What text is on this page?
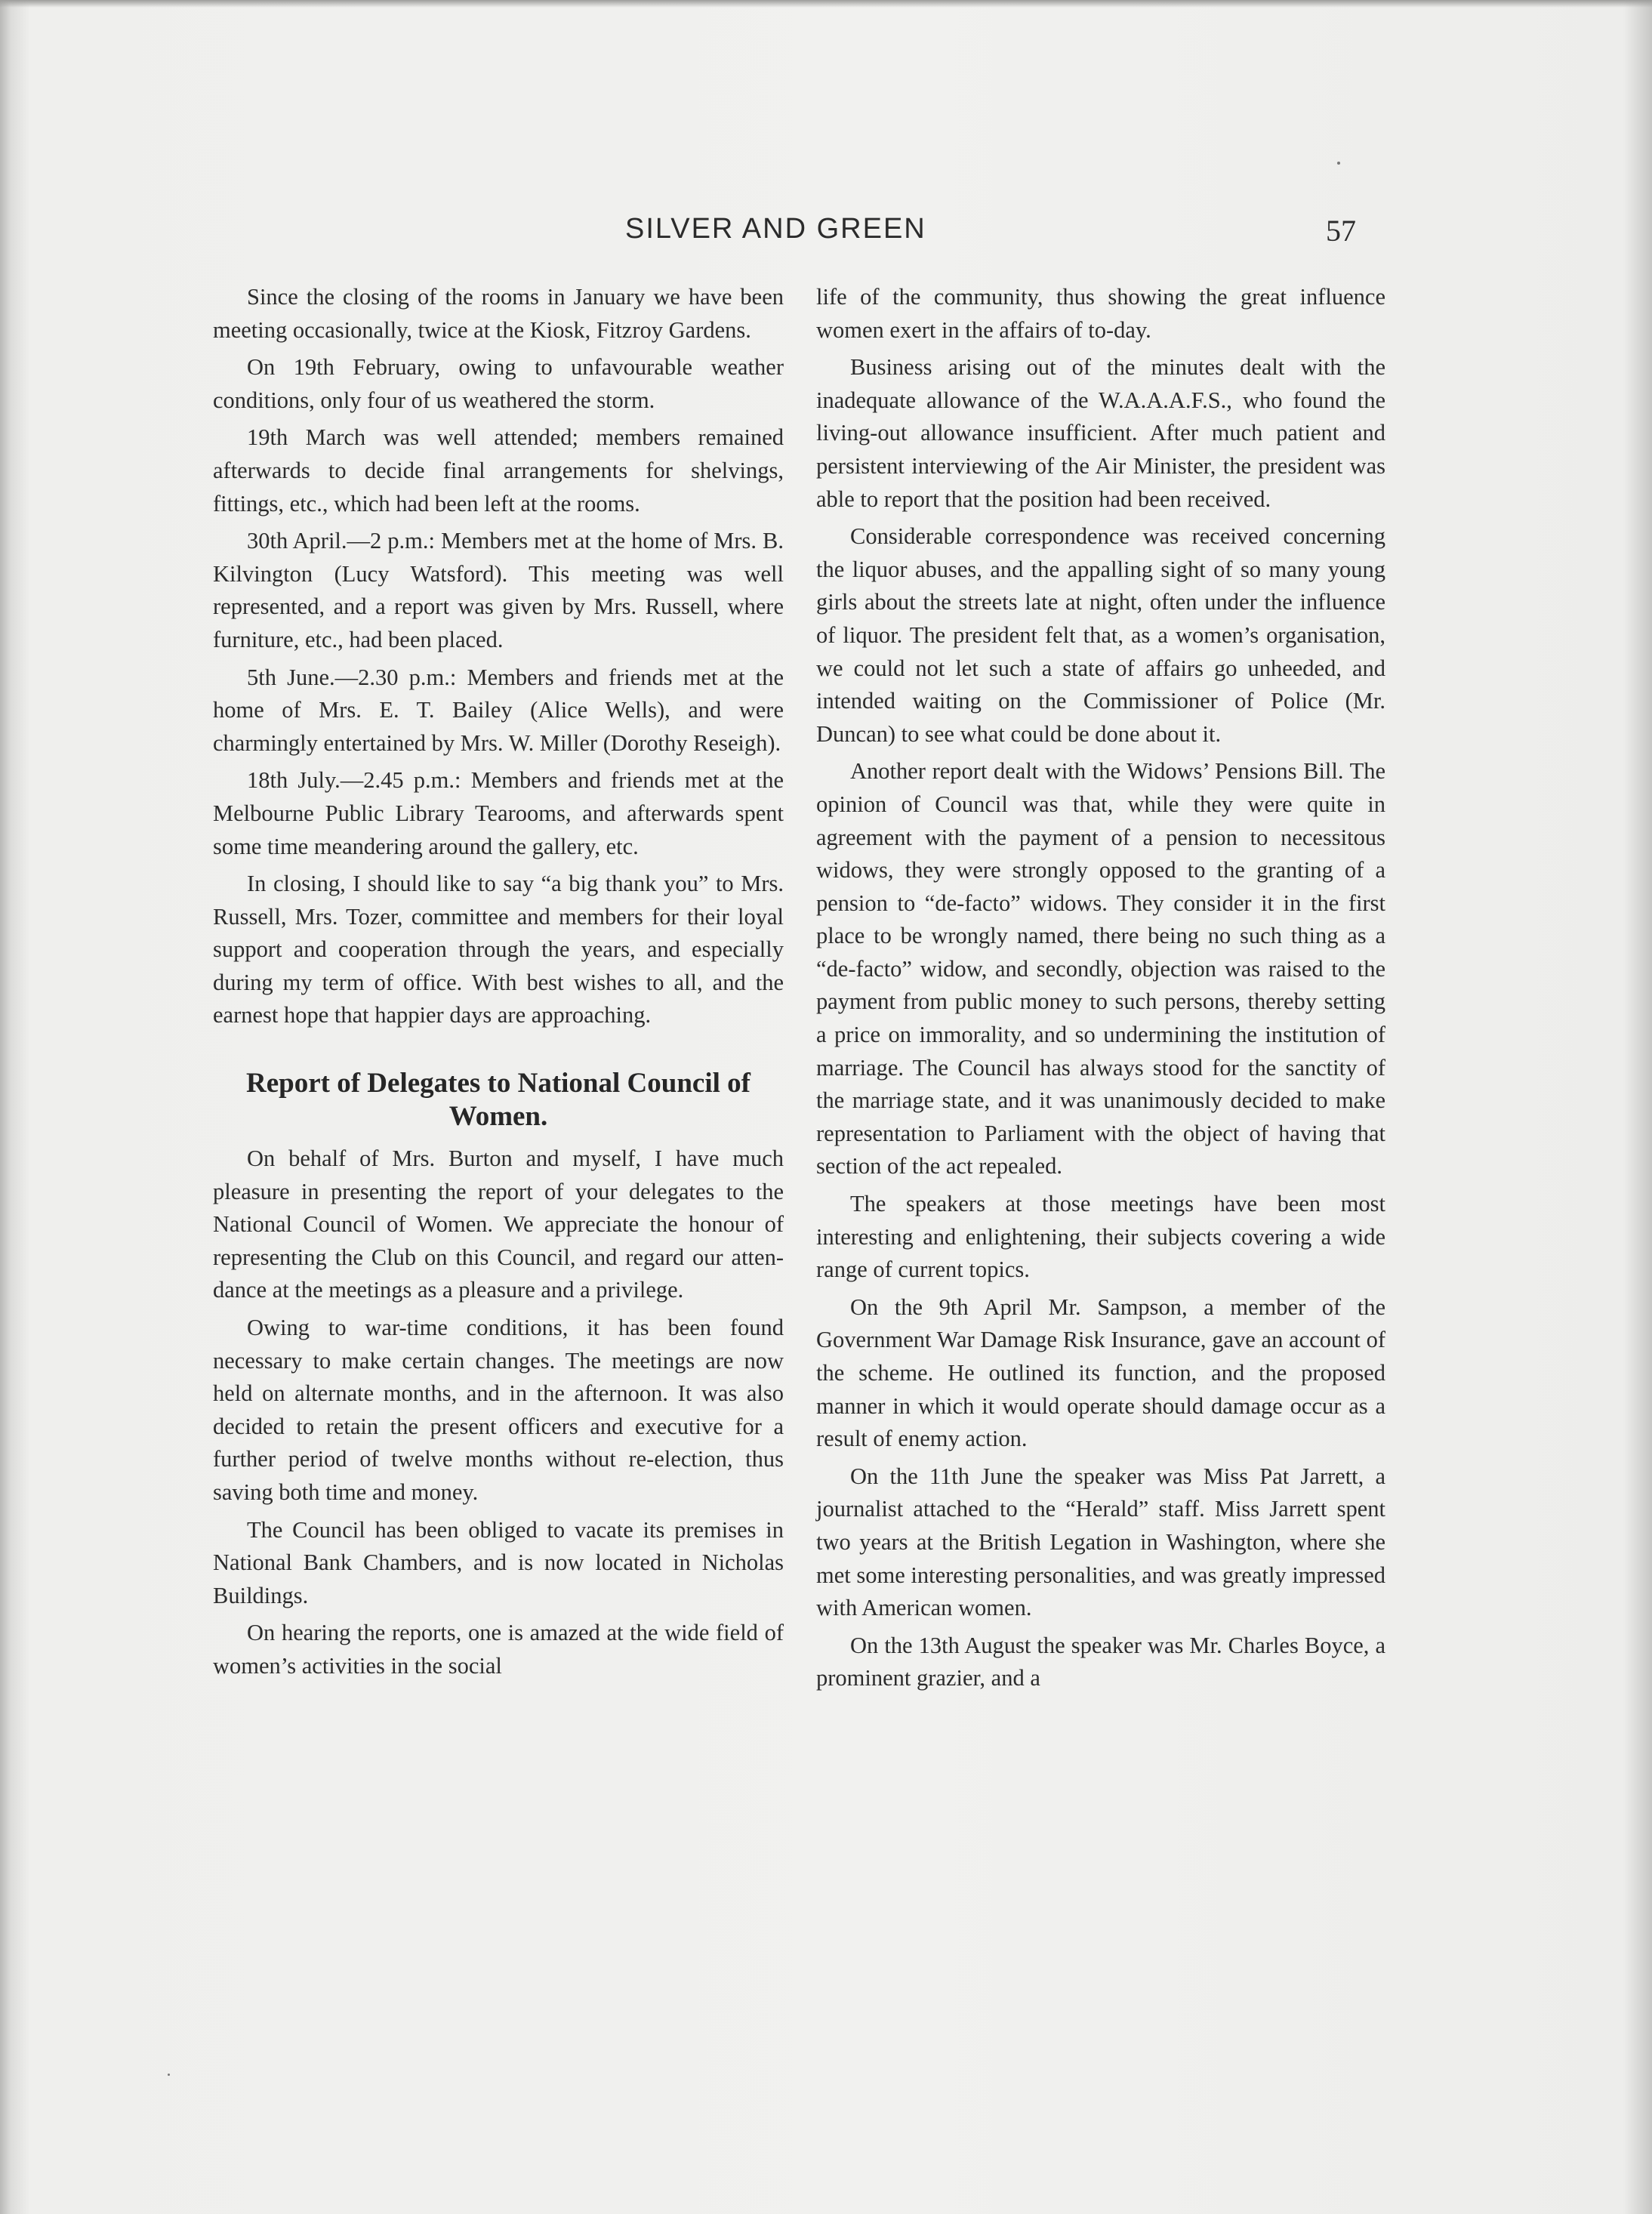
SILVER AND GREEN	57

Since the closing of the rooms in January we have been meeting occasionally, twice at the Kiosk, Fitzroy Gardens.

On 19th February, owing to unfavourable weather conditions, only four of us weathered the storm.

19th March was well attended; members remained afterwards to decide final arrangements for shelvings, fittings, etc., which had been left at the rooms.

30th April.—2 p.m.: Members met at the home of Mrs. B. Kilvington (Lucy Watsford). This meeting was well represented, and a report was given by Mrs. Russell, where furniture, etc., had been placed.

5th June.—2.30 p.m.: Members and friends met at the home of Mrs. E. T. Bailey (Alice Wells), and were charmingly entertained by Mrs. W. Miller (Dorothy Reseigh).

18th July.—2.45 p.m.: Members and friends met at the Melbourne Public Library Tearooms, and afterwards spent some time meandering around the gallery, etc.

In closing, I should like to say “a big thank you” to Mrs. Russell, Mrs. Tozer, committee and members for their loyal support and cooperation through the years, and especially during my term of office. With best wishes to all, and the earnest hope that happier days are approaching.

Report of Delegates to National Council of Women.

On behalf of Mrs. Burton and myself, I have much pleasure in presenting the report of your delegates to the National Council of Women. We appreciate the honour of representing the Club on this Council, and regard our attendance at the meetings as a pleasure and a privilege.

Owing to war-time conditions, it has been found necessary to make certain changes. The meetings are now held on alternate months, and in the afternoon. It was also decided to retain the present officers and executive for a further period of twelve months without re-election, thus saving both time and money.

The Council has been obliged to vacate its premises in National Bank Chambers, and is now located in Nicholas Buildings.

On hearing the reports, one is amazed at the wide field of women’s activities in the social

life of the community, thus showing the great influence women exert in the affairs of to-day.

Business arising out of the minutes dealt with the inadequate allowance of the W.A.A.A.F.S., who found the living-out allowance insufficient. After much patient and persistent interviewing of the Air Minister, the president was able to report that the position had been received.

Considerable correspondence was received concerning the liquor abuses, and the appalling sight of so many young girls about the streets late at night, often under the influence of liquor. The president felt that, as a women’s organisation, we could not let such a state of affairs go unheeded, and intended waiting on the Commissioner of Police (Mr. Duncan) to see what could be done about it.

Another report dealt with the Widows’ Pensions Bill. The opinion of Council was that, while they were quite in agreement with the payment of a pension to necessitous widows, they were strongly opposed to the granting of a pension to “de-facto” widows. They consider it in the first place to be wrongly named, there being no such thing as a “de-facto” widow, and secondly, objection was raised to the payment from public money to such persons, thereby setting a price on immorality, and so undermining the institution of marriage. The Council has always stood for the sanctity of the marriage state, and it was unanimously decided to make representation to Parliament with the object of having that section of the act repealed.

The speakers at those meetings have been most interesting and enlightening, their subjects covering a wide range of current topics.

On the 9th April Mr. Sampson, a member of the Government War Damage Risk Insurance, gave an account of the scheme. He outlined its function, and the proposed manner in which it would operate should damage occur as a result of enemy action.

On the 11th June the speaker was Miss Pat Jarrett, a journalist attached to the “Herald” staff. Miss Jarrett spent two years at the British Legation in Washington, where she met some interesting personalities, and was greatly impressed with American women.

On the 13th August the speaker was Mr. Charles Boyce, a prominent grazier, and a
